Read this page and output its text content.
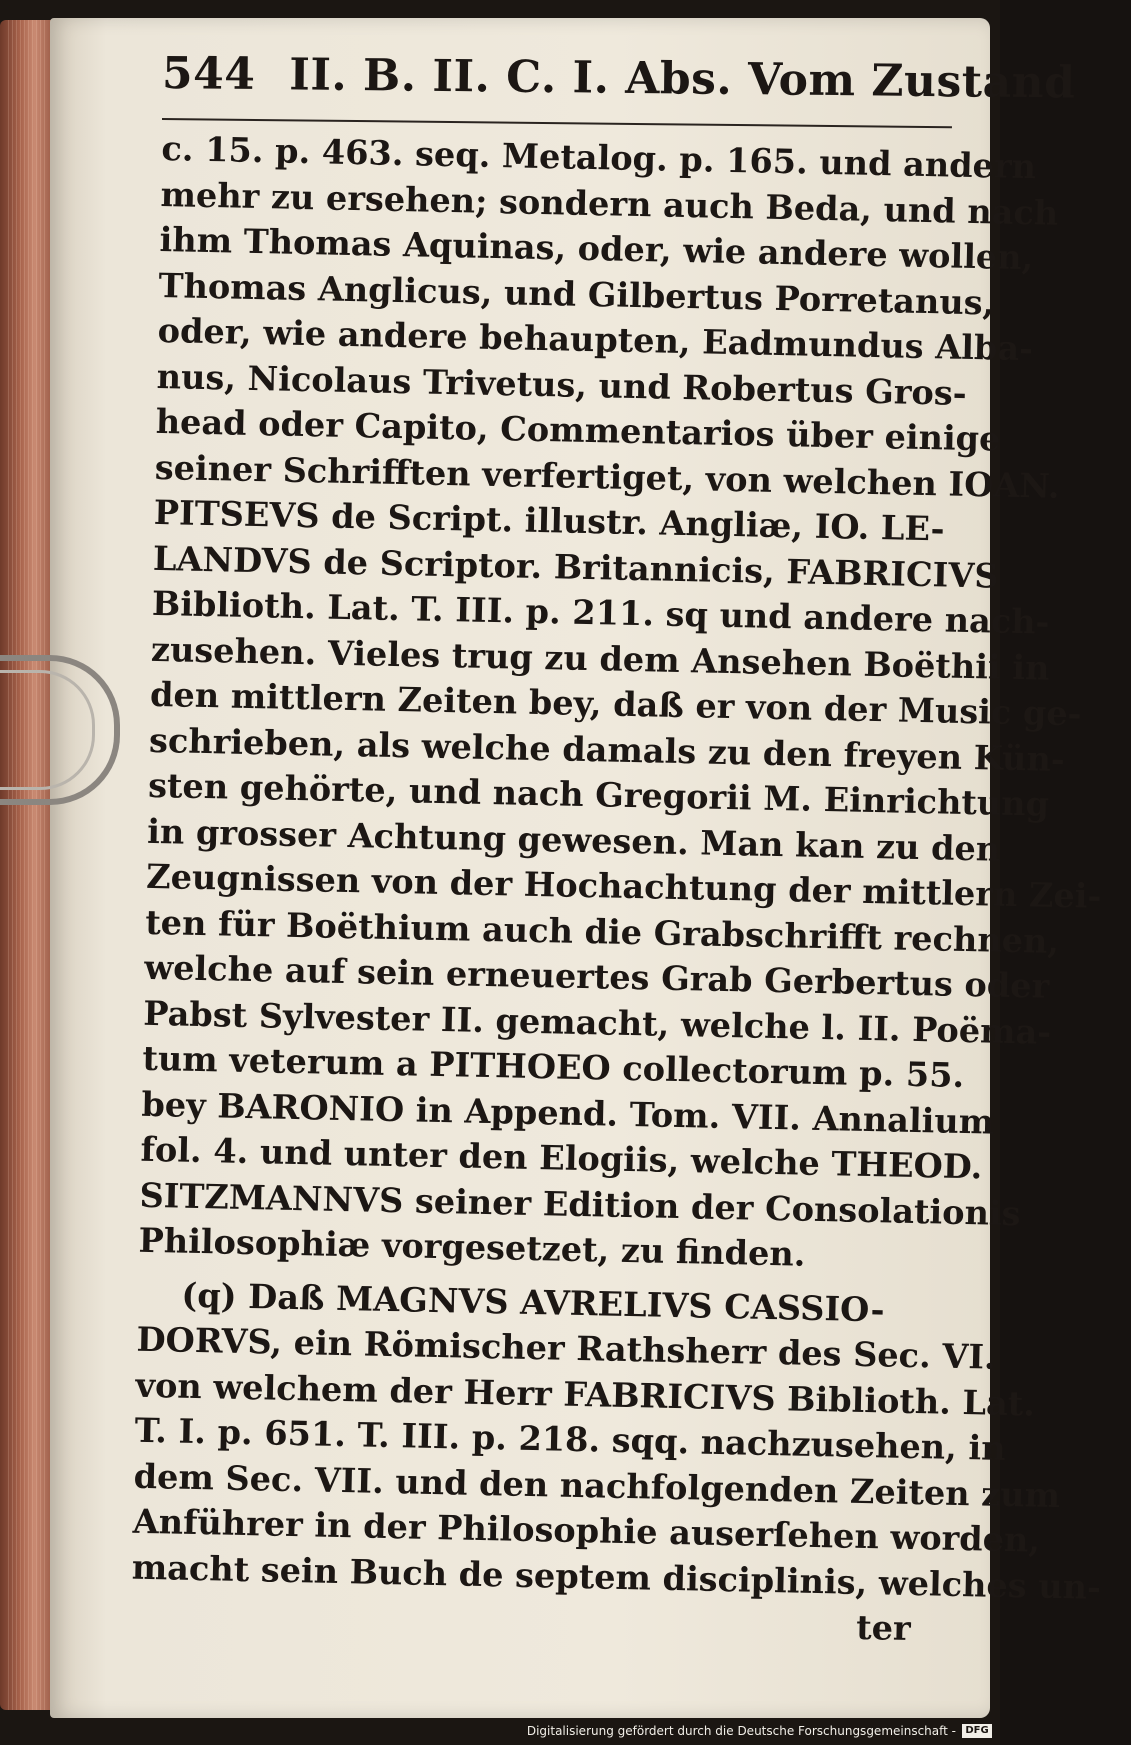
544 II. B. II. C. I. Abs. Vom Zustand
c. 15. p. 463. seq. Metalog. p. 165. und andern
mehr zu ersehen; sondern auch Beda, und nach
ihm Thomas Aquinas, oder, wie andere wollen,
Thomas Anglicus, und Gilbertus Porretanus,
oder, wie andere behaupten, Eadmundus Alba-
nus, Nicolaus Trivetus, und Robertus Gros-
head oder Capito, Commentarios über einige
seiner Schrifften verfertiget, von welchen IOAN.
PITSEVS de Script. illustr. Angliæ, IO. LE-
LANDVS de Scriptor. Britannicis, FABRICIVS
Biblioth. Lat. T. III. p. 211. sq und andere nach-
zusehen. Vieles trug zu dem Ansehen Boëthii in
den mittlern Zeiten bey, daß er von der Music ge-
schrieben, als welche damals zu den freyen Kün-
sten gehörte, und nach Gregorii M. Einrichtung
in grosser Achtung gewesen. Man kan zu den
Zeugnissen von der Hochachtung der mittlern Zei-
ten für Boëthium auch die Grabschrifft rechnen,
welche auf sein erneuertes Grab Gerbertus oder
Pabst Sylvester II. gemacht, welche l. II. Poëma-
tum veterum a PITHOEO collectorum p. 55.
bey BARONIO in Append. Tom. VII. Annalium
fol. 4. und unter den Elogiis, welche THEOD.
SITZMANNVS seiner Edition der Consolationis
Philosophiæ vorgesetzet, zu finden.
(q) Daß MAGNVS AVRELIVS CASSIO-
DORVS, ein Römischer Rathsherr des Sec. VI.
von welchem der Herr FABRICIVS Biblioth. Lat.
T. I. p. 651. T. III. p. 218. sqq. nachzusehen, in
dem Sec. VII. und den nachfolgenden Zeiten zum
Anführer in der Philosophie auserſehen worden,
macht sein Buch de septem disciplinis, welches un-
ter
Digitalisierung gefördert durch die Deutsche Forschungsgemeinschaft - DFG
